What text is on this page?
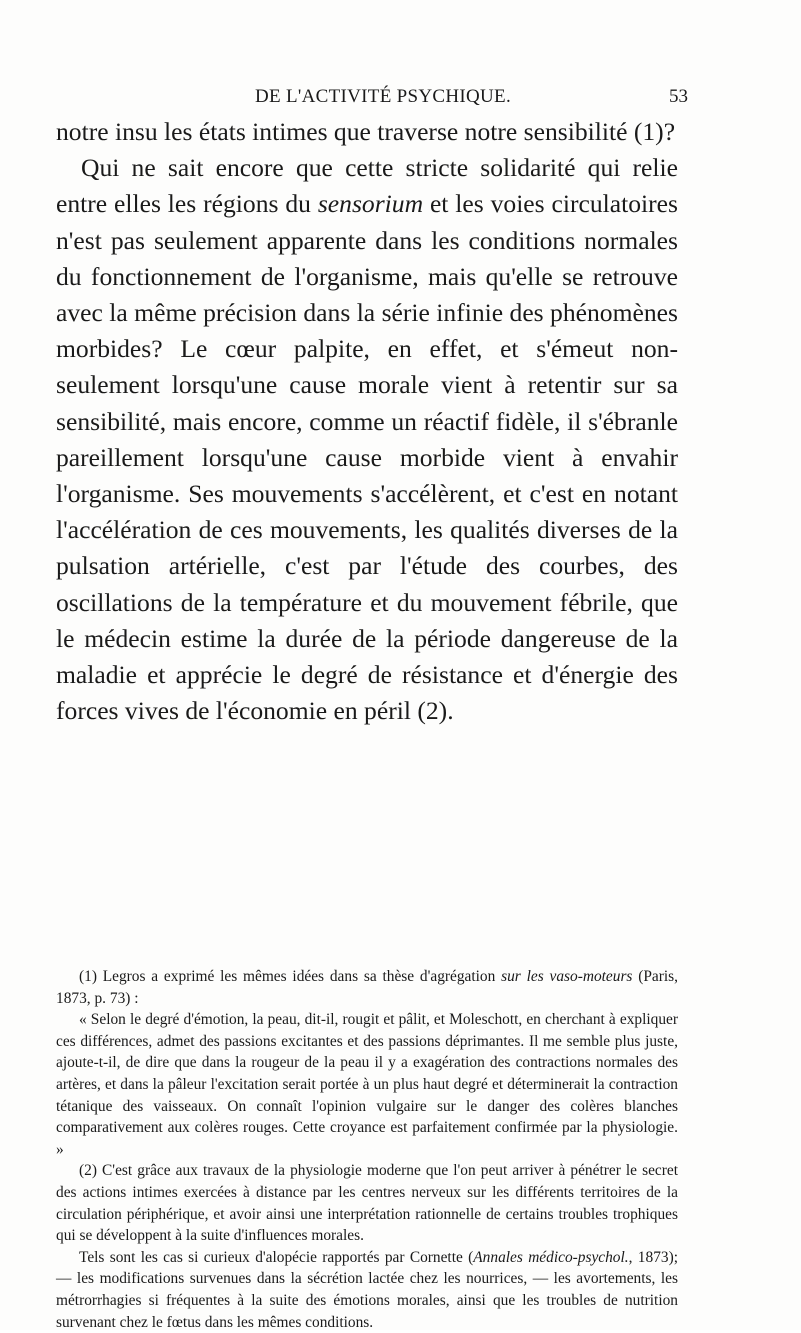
DE L'ACTIVITÉ PSYCHIQUE.	53

notre insu les états intimes que traverse notre sensibilité (1)?

Qui ne sait encore que cette stricte solidarité qui relie entre elles les régions du sensorium et les voies circulatoires n'est pas seulement apparente dans les conditions normales du fonctionnement de l'organisme, mais qu'elle se retrouve avec la même précision dans la série infinie des phénomènes morbides? Le cœur palpite, en effet, et s'émeut non-seulement lorsqu'une cause morale vient à retentir sur sa sensibilité, mais encore, comme un réactif fidèle, il s'ébranle pareillement lorsqu'une cause morbide vient à envahir l'organisme. Ses mouvements s'accélèrent, et c'est en notant l'accélération de ces mouvements, les qualités diverses de la pulsation artérielle, c'est par l'étude des courbes, des oscillations de la température et du mouvement fébrile, que le médecin estime la durée de la période dangereuse de la maladie et apprécie le degré de résistance et d'énergie des forces vives de l'économie en péril (2).

(1) Legros a exprimé les mêmes idées dans sa thèse d'agrégation sur les vaso-moteurs (Paris, 1873, p. 73) :

« Selon le degré d'émotion, la peau, dit-il, rougit et pâlit, et Moleschott, en cherchant à expliquer ces différences, admet des passions excitantes et des passions déprimantes. Il me semble plus juste, ajoute-t-il, de dire que dans la rougeur de la peau il y a exagération des contractions normales des artères, et dans la pâleur l'excitation serait portée à un plus haut degré et déterminerait la contraction tétanique des vaisseaux. On connaît l'opinion vulgaire sur le danger des colères blanches comparativement aux colères rouges. Cette croyance est parfaitement confirmée par la physiologie. »

(2) C'est grâce aux travaux de la physiologie moderne que l'on peut arriver à pénétrer le secret des actions intimes exercées à distance par les centres nerveux sur les différents territoires de la circulation périphérique, et avoir ainsi une interprétation rationnelle de certains troubles trophiques qui se développent à la suite d'influences morales.

Tels sont les cas si curieux d'alopécie rapportés par Cornette (Annales médico-psychol., 1873); — les modifications survenues dans la sécrétion lactée chez les nourrices, — les avortements, les métrorrhagies si fréquentes à la suite des émotions morales, ainsi que les troubles de nutrition survenant chez le fœtus dans les mêmes conditions.
